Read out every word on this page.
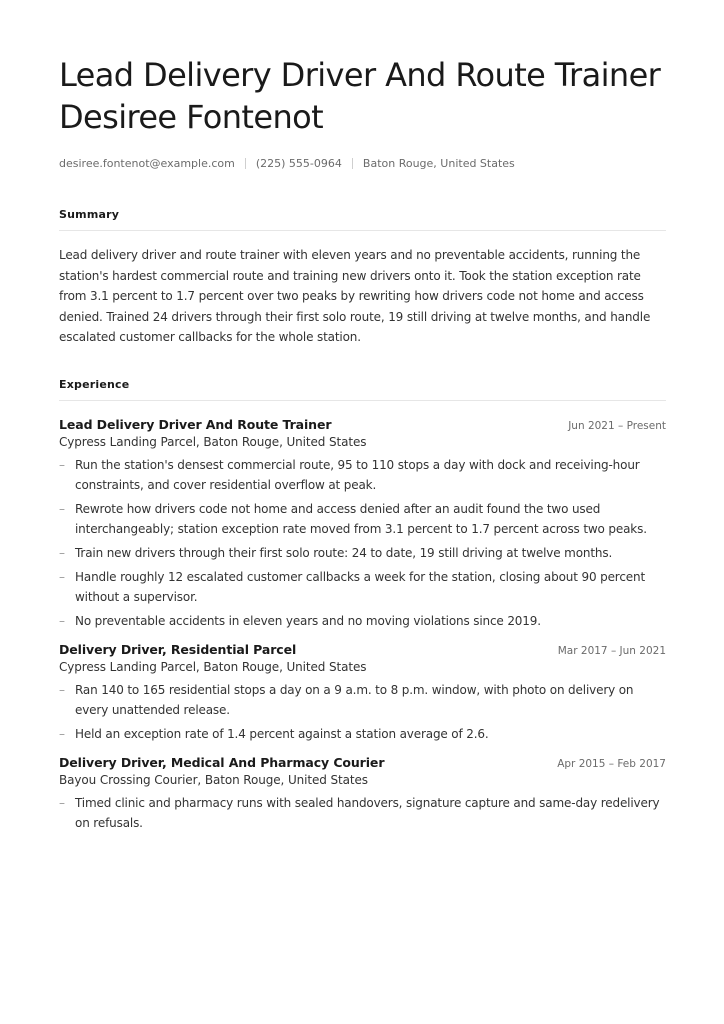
Lead Delivery Driver And Route Trainer Desiree Fontenot
desiree.fontenot@example.com (225) 555-0964 Baton Rouge, United States
Summary
Lead delivery driver and route trainer with eleven years and no preventable accidents, running the station's hardest commercial route and training new drivers onto it. Took the station exception rate from 3.1 percent to 1.7 percent over two peaks by rewriting how drivers code not home and access denied. Trained 24 drivers through their first solo route, 19 still driving at twelve months, and handle escalated customer callbacks for the whole station.
Experience
Lead Delivery Driver And Route Trainer	Jun 2021 – Present
Cypress Landing Parcel, Baton Rouge, United States
– Run the station's densest commercial route, 95 to 110 stops a day with dock and receiving-hour constraints, and cover residential overflow at peak.
– Rewrote how drivers code not home and access denied after an audit found the two used interchangeably; station exception rate moved from 3.1 percent to 1.7 percent across two peaks.
– Train new drivers through their first solo route: 24 to date, 19 still driving at twelve months.
– Handle roughly 12 escalated customer callbacks a week for the station, closing about 90 percent without a supervisor.
– No preventable accidents in eleven years and no moving violations since 2019.
Delivery Driver, Residential Parcel	Mar 2017 – Jun 2021
Cypress Landing Parcel, Baton Rouge, United States
– Ran 140 to 165 residential stops a day on a 9 a.m. to 8 p.m. window, with photo on delivery on every unattended release.
– Held an exception rate of 1.4 percent against a station average of 2.6.
Delivery Driver, Medical And Pharmacy Courier	Apr 2015 – Feb 2017
Bayou Crossing Courier, Baton Rouge, United States
– Timed clinic and pharmacy runs with sealed handovers, signature capture and same-day redelivery on refusals.
